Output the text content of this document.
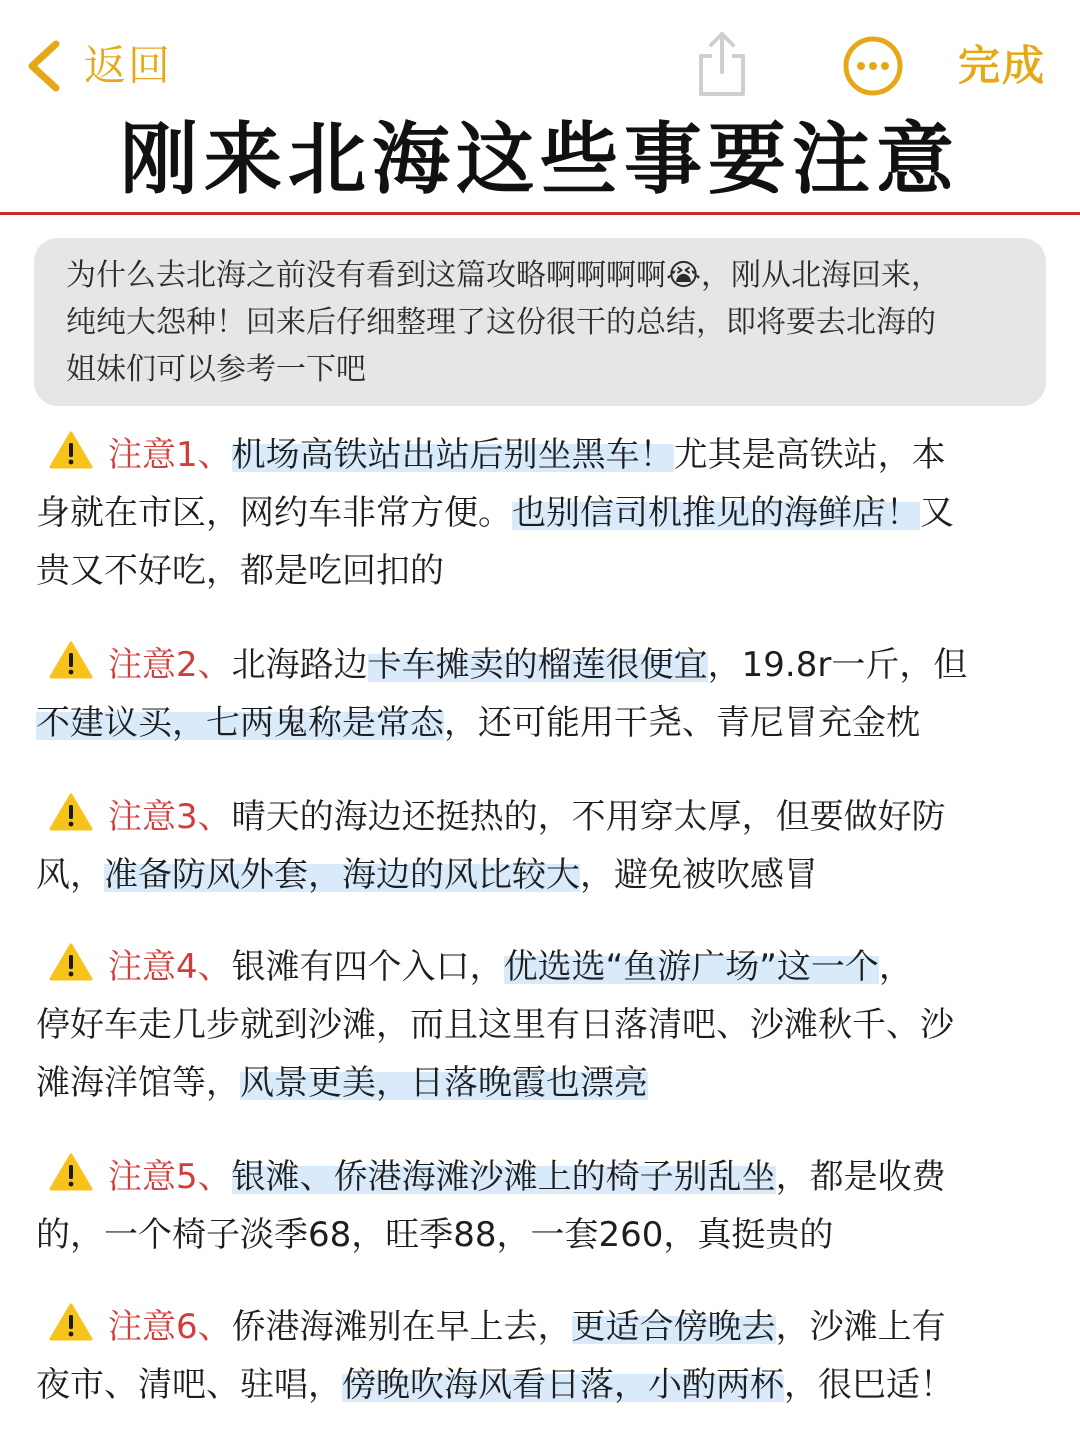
返回	完成
刚来北海这些事要注意
为什么去北海之前没有看到这篇攻略啊啊啊啊😭，刚从北海回来，
纯纯大怨种！回来后仔细整理了这份很干的总结，即将要去北海的
姐妹们可以参考一下吧
注意1、机场高铁站出站后别坐黑车！尤其是高铁站，本
身就在市区，网约车非常方便。也别信司机推见的海鲜店！又
贵又不好吃，都是吃回扣的
注意2、北海路边卡车摊卖的榴莲很便宜，19.8r一斤，但
不建议买，七两鬼称是常态，还可能用干尧、青尼冒充金枕
注意3、晴天的海边还挺热的，不用穿太厚，但要做好防
风，准备防风外套，海边的风比较大，避免被吹感冒
注意4、银滩有四个入口，优选选“鱼游广场”这一个，
停好车走几步就到沙滩，而且这里有日落清吧、沙滩秋千、沙
滩海洋馆等，风景更美，日落晚霞也漂亮
注意5、银滩、侨港海滩沙滩上的椅子别乱坐，都是收费
的，一个椅子淡季68，旺季88，一套260，真挺贵的
注意6、侨港海滩别在早上去，更适合傍晚去，沙滩上有
夜市、清吧、驻唱，傍晚吹海风看日落，小酌两杯，很巴适！
